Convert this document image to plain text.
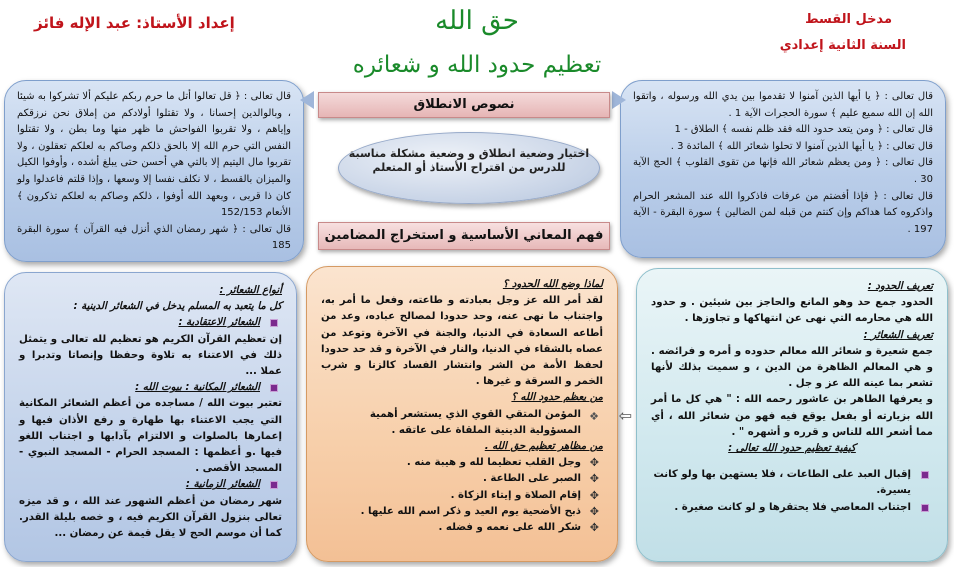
إعداد الأستاذ: عبد الإله فائز	حق الله
تعظيم حدود الله و شعائره
مدخل القسط
السنة الثانية إعدادي

قال تعالى : ﴿ قل تعالوا أتل ما حرم ربكم عليكم ألا تشركوا به شيئا ، وبالوالدين إحسانا ، ولا تقتلوا أولادكم من إملاق نحن نرزقكم وإياهم ، ولا تقربوا الفواحش ما ظهر منها وما بطن ، ولا تقتلوا النفس التي حرم الله إلا بالحق ذلكم وصاكم به لعلكم تعقلون ، ولا تقربوا مال اليتيم إلا بالتي هي أحسن حتى يبلغ أشده ، وأوفوا الكيل والميزان بالقسط ، لا نكلف نفسا إلا وسعها ، وإذا قلتم فاعدلوا ولو كان ذا قربى ، وبعهد الله أوفوا ، ذلكم وصاكم به لعلكم تذكرون ﴾ الأنعام 152/153

قال تعالى : ﴿ شهر رمضان الذي أنزل فيه القرآن ﴾ سورة البقرة 185

قال تعالى : ﴿ يا أيها الذين آمنوا لا تقدموا بين يدي الله ورسوله ، واتقوا الله إن الله سميع عليم ﴾ سورة الحجرات الآية 1 .

قال تعالى : ﴿ ومن يتعد حدود الله فقد ظلم نفسه ﴾ الطلاق - 1

قال تعالى : ﴿ يا أيها الذين آمنوا لا تحلوا شعائر الله ﴾ المائدة 3 .

قال تعالى : ﴿ ومن يعظم شعائر الله فإنها من تقوى القلوب ﴾ الحج الآية 30 .

قال تعالى : ﴿ فإذا أفضتم من عرفات فاذكروا الله عند المشعر الحرام واذكروه كما هداكم وإن كنتم من قبله لمن الضالين ﴾ سورة البقرة - الآية 197 .

نصوص الانطلاق
اختيار وضعية انطلاق و وضعية مشكلة مناسبة للدرس من اقتراح الأستاذ أو المتعلم
فهم المعاني الأساسية و استخراج المضامين
أنواع الشعائر :
كل ما يتعبد به المسلم يدخل في الشعائر الدينية :
الشعائر الاعتقادية :
إن تعظيم القرآن الكريم هو تعظيم لله تعالى و يتمثل ذلك في الاعتناء به تلاوة وحفظا وإنصاتا وتدبرا و عملا ...
الشعائر المكانية : بيوت الله :
تعتبر بيوت الله / مساجده من أعظم الشعائر المكانية التي يجب الاعتناء بها طهارة و رفع الأذان فيها و إعمارها بالصلوات و الالتزام بآدابها و اجتناب اللغو فيها .و أعظمها : المسجد الحرام - المسجد النبوي - المسجد الأقصى .
الشعائر الزمانية :
شهر رمضان من أعظم الشهور عند الله ، و قد ميزه تعالى بنزول القرآن الكريم فيه ، و خصه بليلة القدر. كما أن موسم الحج لا يقل قيمة عن رمضان ...
لماذا وضع الله الحدود ؟
لقد أمر الله عز وجل بعبادته و طاعته، وفعل ما أمر به، واجتناب ما نهى عنه، وحد حدودا لمصالح عباده، وعد من أطاعه السعادة في الدنيا، والجنة في الآخرة وتوعد من عصاه بالشقاء في الدنيا، والنار في الآخرة و قد حد حدودا لحفظ الأمة من الشر وانتشار الفساد كالزنا و شرب الخمر و السرقة و غيرها .
من يعظم حدود الله ؟
❖
المؤمن المتقي القوي الذي يستشعر أهمية المسؤولية الدينية الملقاة على عاتقه .
من مظاهر تعظيم حق الله .
✥
وجل القلب تعظيما لله و هيبة منه .
✥
الصبر على الطاعة .
✥
إقام الصلاة و إيتاء الزكاة .
✥
ذبح الأضحية يوم العيد و ذكر اسم الله عليها .
✥
شكر الله على نعمه و فضله .
⇦
تعريف الحدود :
الحدود جمع حد وهو المانع والحاجز بين شيئين . و حدود الله هي محارمه التي نهى عن انتهاكها و تجاوزها .
تعريف الشعائر :
جمع شعيرة و شعائر الله معالم حدوده و أمره و فرائضه . و هي المعالم الظاهرة من الدين ، و سميت بذلك لأنها تشعر بما عينه الله عز و جل .
و يعرفها الطاهر بن عاشور رحمه الله : " هي كل ما أمر الله بزيارته أو بفعل يوقع فيه فهو من شعائر الله ، أي مما أشعر الله للناس و قرره و أشهره " .
كيفية تعظيم حدود الله تعالى :
إقبال العبد على الطاعات ، فلا يستهين بها ولو كانت يسيرة.
اجتناب المعاصي فلا يحتقرها و لو كانت صغيرة .
